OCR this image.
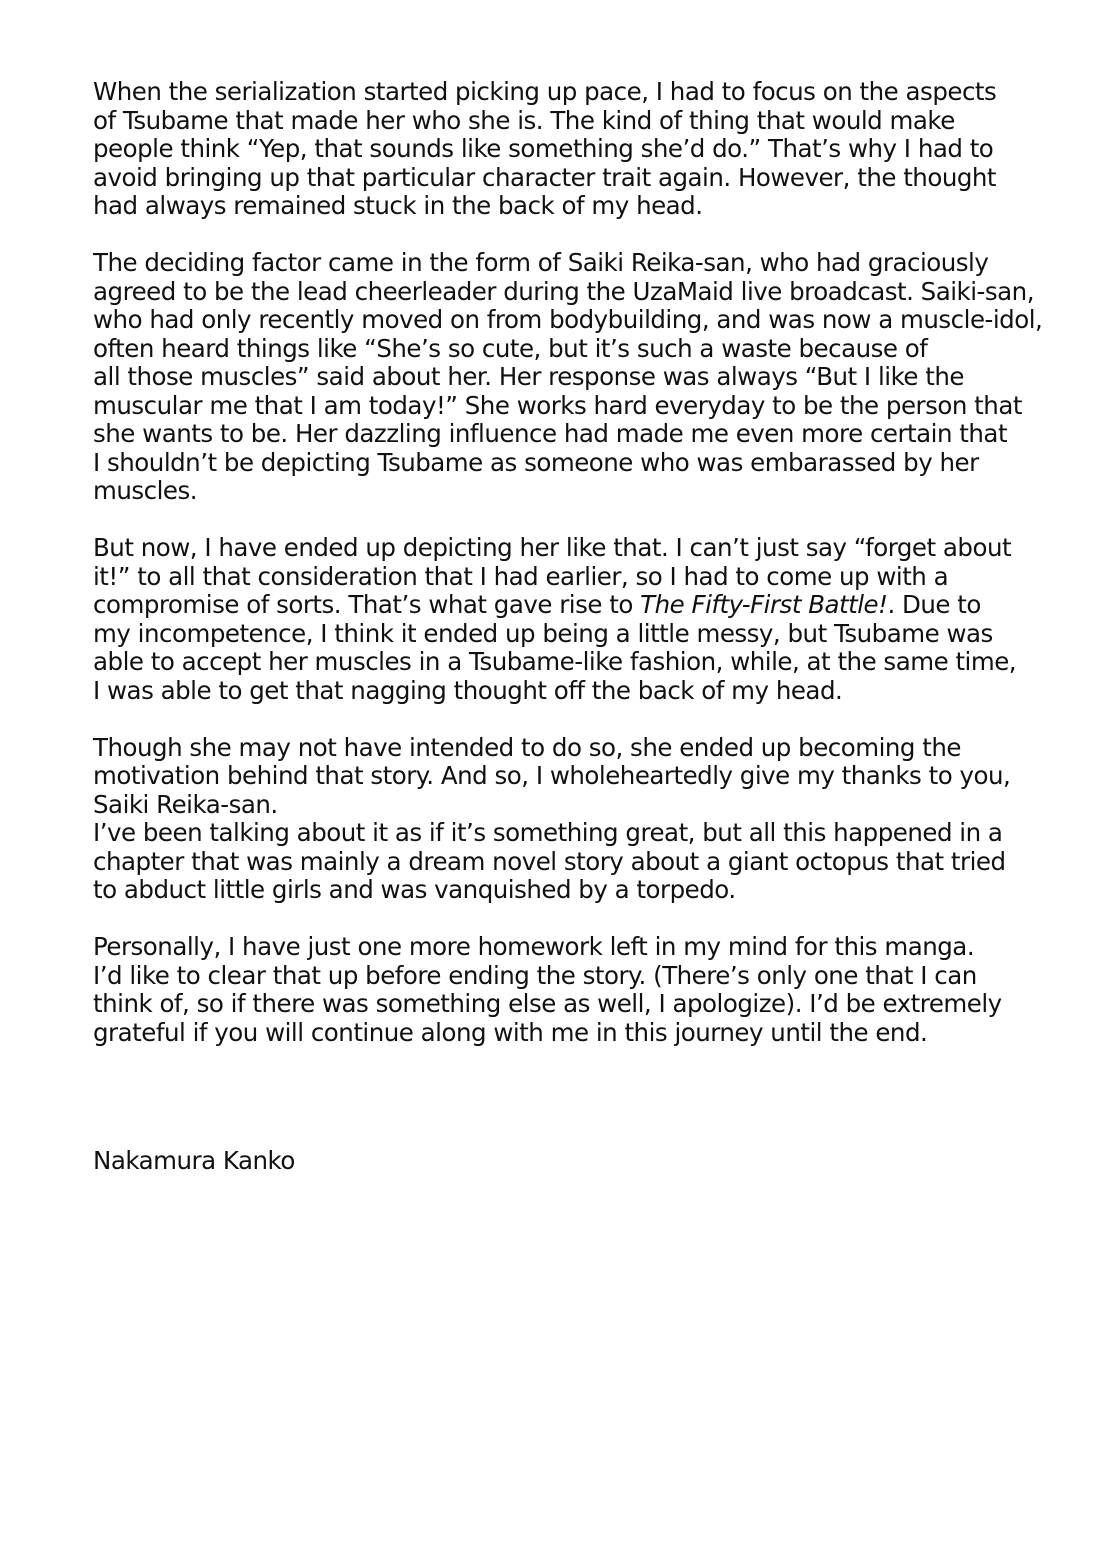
When the serialization started picking up pace, I had to focus on the aspects
of Tsubame that made her who she is. The kind of thing that would make
people think “Yep, that sounds like something she’d do.” That’s why I had to
avoid bringing up that particular character trait again. However, the thought
had always remained stuck in the back of my head.

The deciding factor came in the form of Saiki Reika-san, who had graciously
agreed to be the lead cheerleader during the UzaMaid live broadcast. Saiki-san,
who had only recently moved on from bodybuilding, and was now a muscle-idol,
often heard things like “She’s so cute, but it’s such a waste because of
all those muscles” said about her. Her response was always “But I like the
muscular me that I am today!” She works hard everyday to be the person that
she wants to be. Her dazzling influence had made me even more certain that
I shouldn’t be depicting Tsubame as someone who was embarassed by her
muscles.

But now, I have ended up depicting her like that. I can’t just say “forget about
it!” to all that consideration that I had earlier, so I had to come up with a
compromise of sorts. That’s what gave rise to The Fifty-First Battle!. Due to
my incompetence, I think it ended up being a little messy, but Tsubame was
able to accept her muscles in a Tsubame-like fashion, while, at the same time,
I was able to get that nagging thought off the back of my head.

Though she may not have intended to do so, she ended up becoming the
motivation behind that story. And so, I wholeheartedly give my thanks to you,
Saiki Reika-san.
I’ve been talking about it as if it’s something great, but all this happened in a
chapter that was mainly a dream novel story about a giant octopus that tried
to abduct little girls and was vanquished by a torpedo.

Personally, I have just one more homework left in my mind for this manga.
I’d like to clear that up before ending the story. (There’s only one that I can
think of, so if there was something else as well, I apologize). I’d be extremely
grateful if you will continue along with me in this journey until the end.

Nakamura Kanko
